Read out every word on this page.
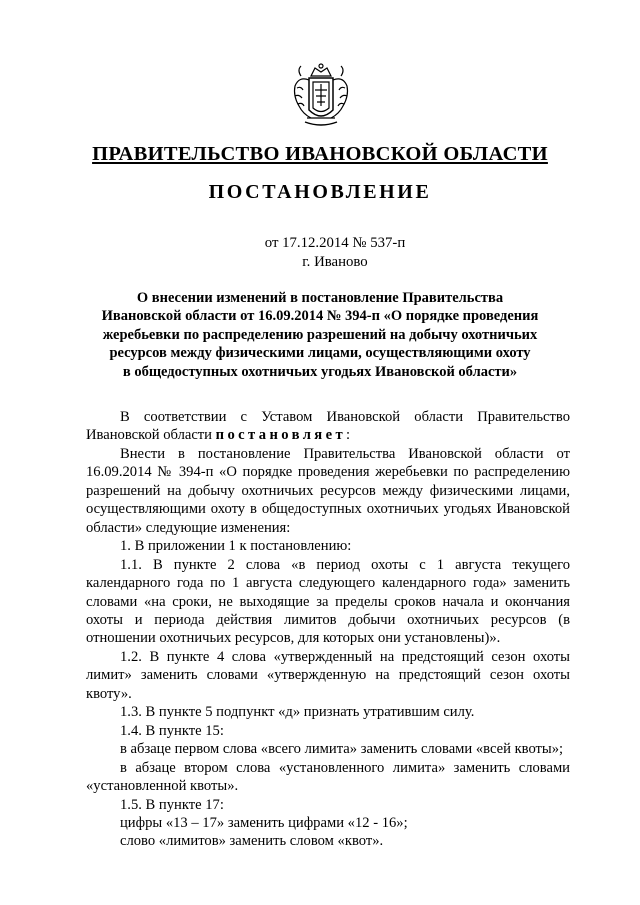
ПРАВИТЕЛЬСТВО ИВАНОВСКОЙ ОБЛАСТИ
ПОСТАНОВЛЕНИЕ
от 17.12.2014 № 537-п
г. Иваново
О внесении изменений в постановление Правительства
Ивановской области от 16.09.2014 № 394-п «О порядке проведения
жеребьевки по распределению разрешений на добычу охотничьих
ресурсов между физическими лицами, осуществляющими охоту
в общедоступных охотничьих угодьях Ивановской области»
В соответствии с Уставом Ивановской области Правительство Ивановской области постановляет:
Внести в постановление Правительства Ивановской области от 16.09.2014 № 394-п «О порядке проведения жеребьевки по распределению разрешений на добычу охотничьих ресурсов между физическими лицами, осуществляющими охоту в общедоступных охотничьих угодьях Ивановской области» следующие изменения:
1. В приложении 1 к постановлению:
1.1. В пункте 2 слова «в период охоты с 1 августа текущего календарного года по 1 августа следующего календарного года» заменить словами «на сроки, не выходящие за пределы сроков начала и окончания охоты и периода действия лимитов добычи охотничьих ресурсов (в отношении охотничьих ресурсов, для которых они установлены)».
1.2. В пункте 4 слова «утвержденный на предстоящий сезон охоты лимит» заменить словами «утвержденную на предстоящий сезон охоты квоту».
1.3. В пункте 5 подпункт «д» признать утратившим силу.
1.4. В пункте 15:
в абзаце первом слова «всего лимита» заменить словами «всей квоты»;
в абзаце втором слова «установленного лимита» заменить словами «установленной квоты».
1.5. В пункте 17:
цифры «13 – 17» заменить цифрами «12 - 16»;
слово «лимитов» заменить словом «квот».
